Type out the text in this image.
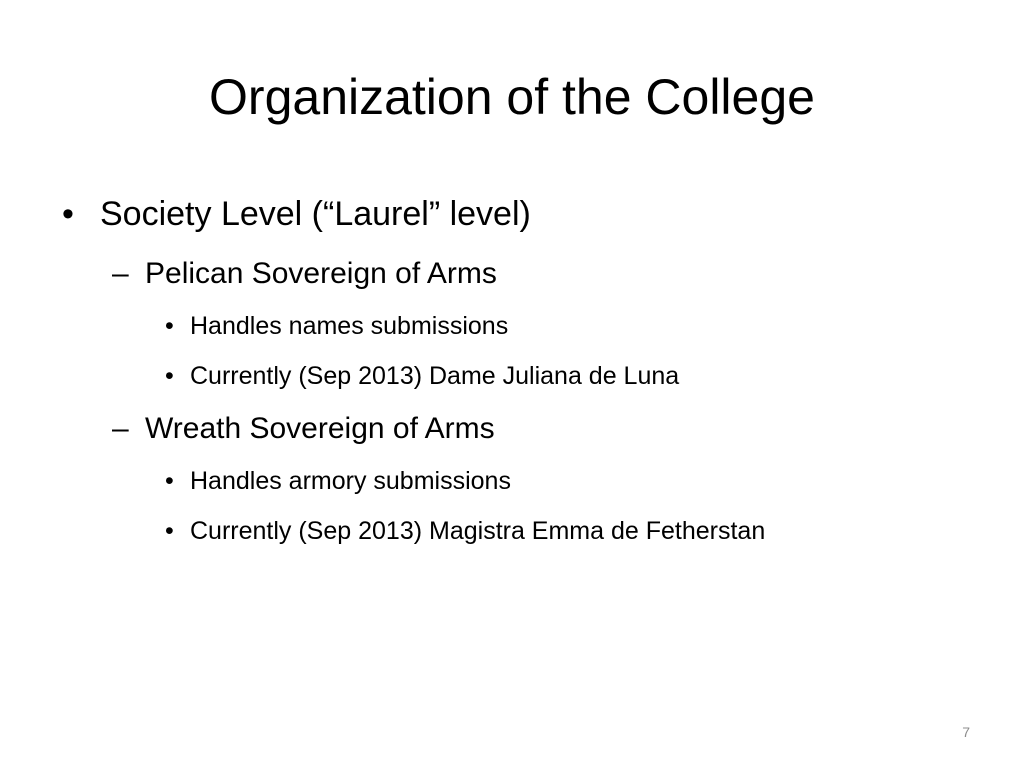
Organization of the College
• Society Level (“Laurel” level)
– Pelican Sovereign of Arms
• Handles names submissions
• Currently (Sep 2013) Dame Juliana de Luna
– Wreath Sovereign of Arms
• Handles armory submissions
• Currently (Sep 2013) Magistra Emma de Fetherstan
7
